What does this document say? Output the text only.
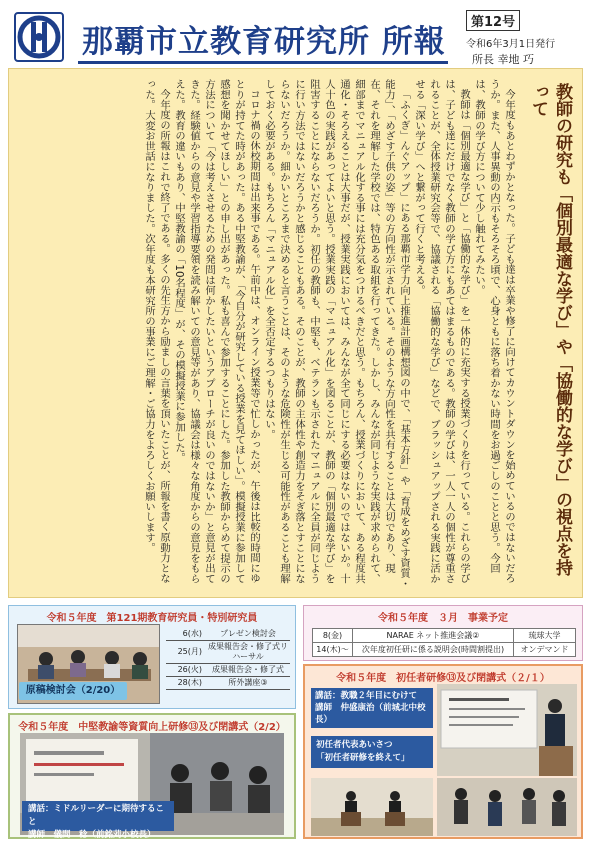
那覇市立教育研究所 所報
第12号
令和6年3月1日発行
所長 幸地 巧
教師の研究も「個別最適な学び」や「協働的な学び」の視点を持って

今年度もあとわずかとなった。子ども達は卒業や修了に向けてカウントダウンを始めているのではないだろうか。また、人事異動の内示もそろそろ頃で、心身ともに落ち着かない時間をお過ごしのことと思う。今回は、教師の学び方について少し触れてみたい。

教師は「個別最適な学び」と「協働的な学び」を一体的に充実する授業づくりを行っている。これらの学びは、子ども達にだけでなく教師の学び方にもあてはまるものである。教師の学びは、一人一人の個性が尊重されることが、全体授業研究会等で、協議される「協働的な学び」などで、ブラッシュアップされる実践に活かせる「深い学び」へと繋がって行くと考える。

「ふくぎ」んぐアップ」にある那覇市学力向上推進計画構想図の中で、「基本方針」や「育成をめざす資質・能力」、「めざす子供の姿」等の方向性が示されている。そのような方向性を共有することは大切であり、現在、それを理解した学校では、特色ある取組を行ってきた。しかし、みんなが同じような実践が求められて、細部までマニュアル化する事には充分気をつけるべきだと思う。もちろん、授業づくりにおいて、ある程度共通化・そろえることは大事だが、授業実践においては、みんなが全て同じにする必要はないのではないか。十人十色の実践があってよいと思う。授業実践の「マニュアル化」を図ることが、教師の「個別最適な学び」を阻害することにならないだろうか。初任の教師も、中堅も、ベテランも示されたマニュアルに全員が同じように行い方法ではないだろうかと感じることもある。そのことが、教師の主体性や創造力をそぎ落とすことにならないだろうか。細かいところまで決めると言うことは、そのような危険性が生じる可能性があることも理解しておく必要がある。もちろん「マニュアル化」を全否定するつもりはない。

コロナ禍の休校期間は出来事である。午前中は、オンライン授業等で忙しかったが、午後は比較的時間にゆとりが持てた時があった。ある中堅教諭が、「今自分が研究している授業を見てほしい」。模擬授業に参加して感想を聞かせてほしい」との申し出があった。私も喜んで参加することにした。参加した教師からめて提示の方法について「今は考えさせるための発問は何かしたいというアプローチが良いのではないか」と意見が出てきた。経験値からの意見や学習指導要領を読み解いての意見等があり、協議会は様々な角度からの意見をもらえた。教育の違いもあり、中堅教諭の「10名程度」が、その模擬授業に参加した。

今年度の所報はこれで終了である。多くの先生方から励ましの言葉を頂いたことが、所報を書く原動力となった。大変お世話になりました。次年度も本研究所の事業にご理解・ご協力をよろしくお願いします。

令和５年度　第121期教育研究員・特別研究員
原稿検討会（2/20）
6(水)	プレゼン検討会
25(月)	成果報告会・修了式リハーサル
26(火)	成果報告会・修了式
28(木)	所外講座③
令和５年度　中堅教諭等資質向上研修⑬及び閉講式（2/2）
講話：ミドルリーダーに期待すること
講師　儀間　稔（前銘苅小校長）
令和５年度　３月　事業予定
8(金)	NARAE ネット推進会議②	琉球大学
14(木)～	次年度初任研に係る説明会(時間割提出)	オンデマンド
令和５年度　初任者研修⑬及び閉講式（２/１）
講話：教職２年目にむけて
講師　仲盛康治（前城北中校長）
初任者代表あいさつ
「初任者研修を終えて」
